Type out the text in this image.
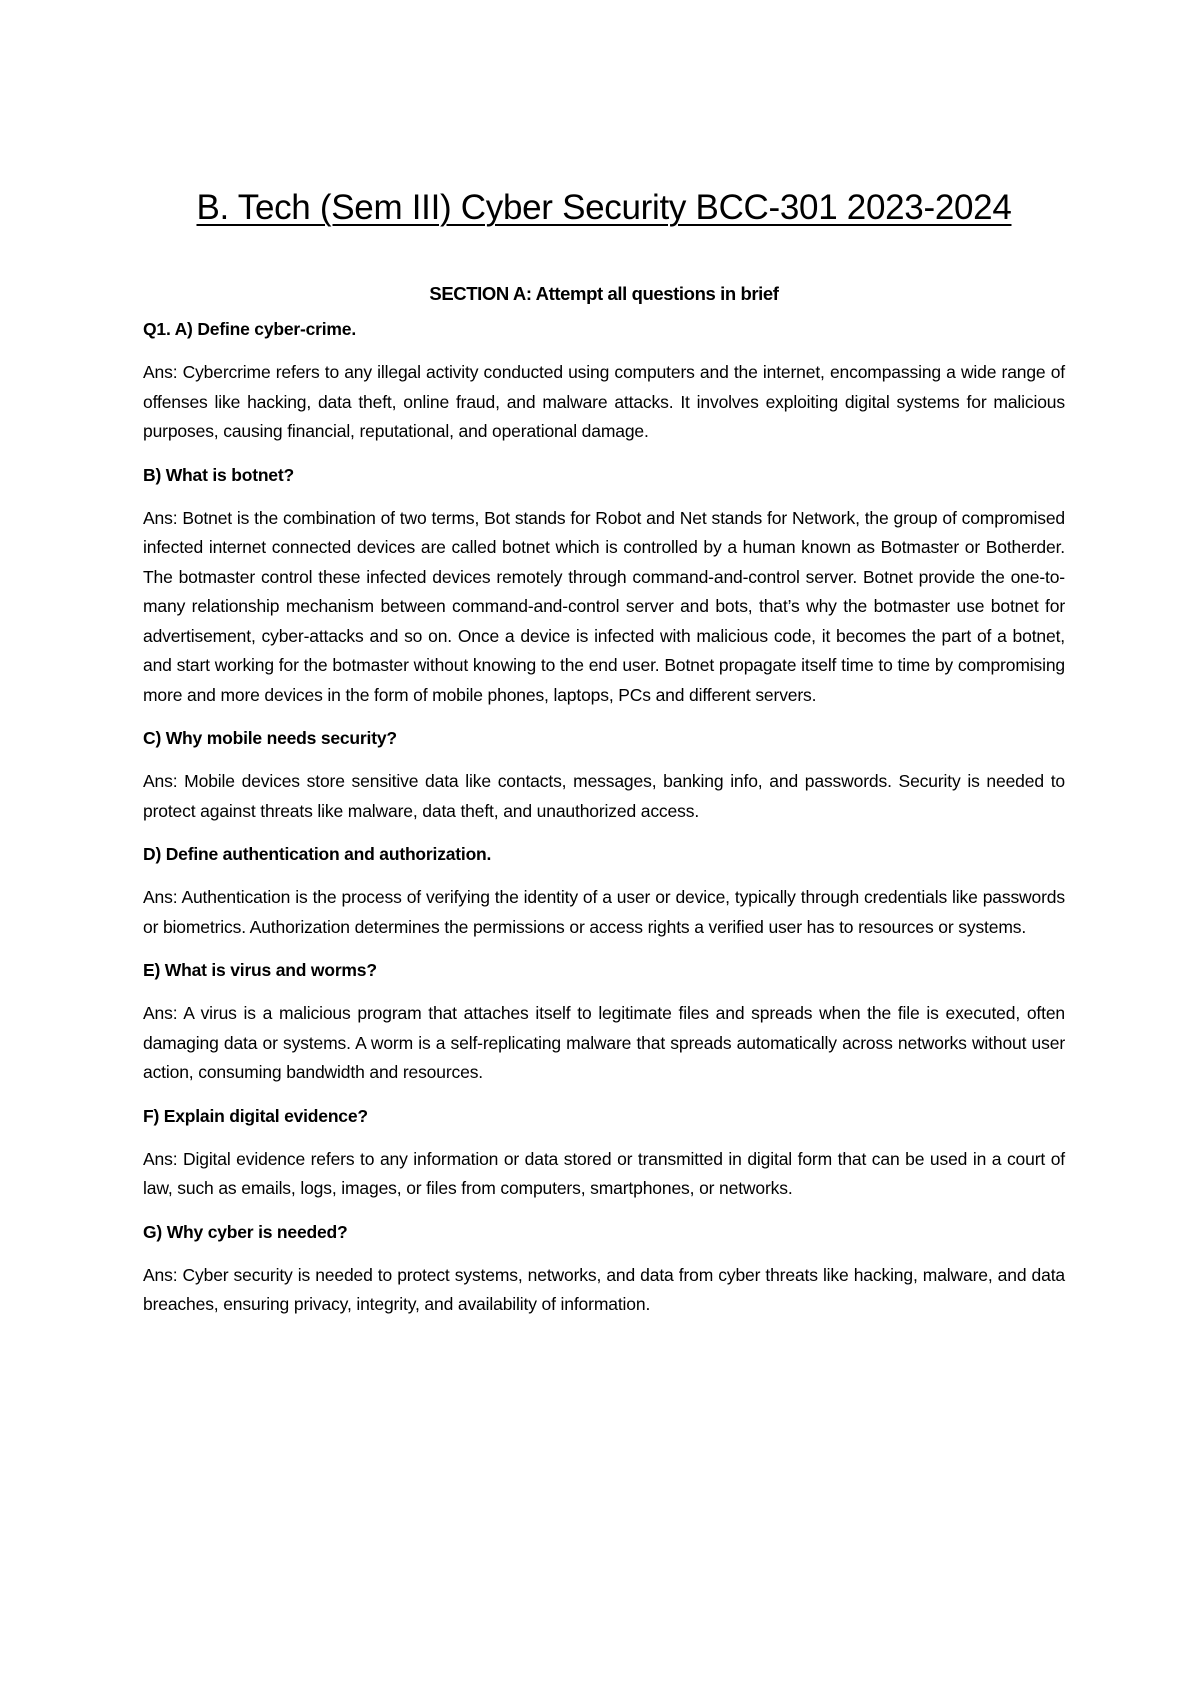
B. Tech (Sem III) Cyber Security BCC-301 2023-2024
SECTION A: Attempt all questions in brief

Q1. A) Define cyber-crime.

Ans: Cybercrime refers to any illegal activity conducted using computers and the internet, encompassing a wide range of offenses like hacking, data theft, online fraud, and malware attacks. It involves exploiting digital systems for malicious purposes, causing financial, reputational, and operational damage.

B) What is botnet?

Ans: Botnet is the combination of two terms, Bot stands for Robot and Net stands for Network, the group of compromised infected internet connected devices are called botnet which is controlled by a human known as Botmaster or Botherder. The botmaster control these infected devices remotely through command-and-control server. Botnet provide the one-to-many relationship mechanism between command-and-control server and bots, that’s why the botmaster use botnet for advertisement, cyber-attacks and so on. Once a device is infected with malicious code, it becomes the part of a botnet, and start working for the botmaster without knowing to the end user. Botnet propagate itself time to time by compromising more and more devices in the form of mobile phones, laptops, PCs and different servers.

C) Why mobile needs security?

Ans: Mobile devices store sensitive data like contacts, messages, banking info, and passwords. Security is needed to protect against threats like malware, data theft, and unauthorized access.

D) Define authentication and authorization.

Ans: Authentication is the process of verifying the identity of a user or device, typically through credentials like passwords or biometrics. Authorization determines the permissions or access rights a verified user has to resources or systems.

E) What is virus and worms?

Ans: A virus is a malicious program that attaches itself to legitimate files and spreads when the file is executed, often damaging data or systems. A worm is a self-replicating malware that spreads automatically across networks without user action, consuming bandwidth and resources.

F) Explain digital evidence?

Ans: Digital evidence refers to any information or data stored or transmitted in digital form that can be used in a court of law, such as emails, logs, images, or files from computers, smartphones, or networks.

G) Why cyber is needed?

Ans: Cyber security is needed to protect systems, networks, and data from cyber threats like hacking, malware, and data breaches, ensuring privacy, integrity, and availability of information.
